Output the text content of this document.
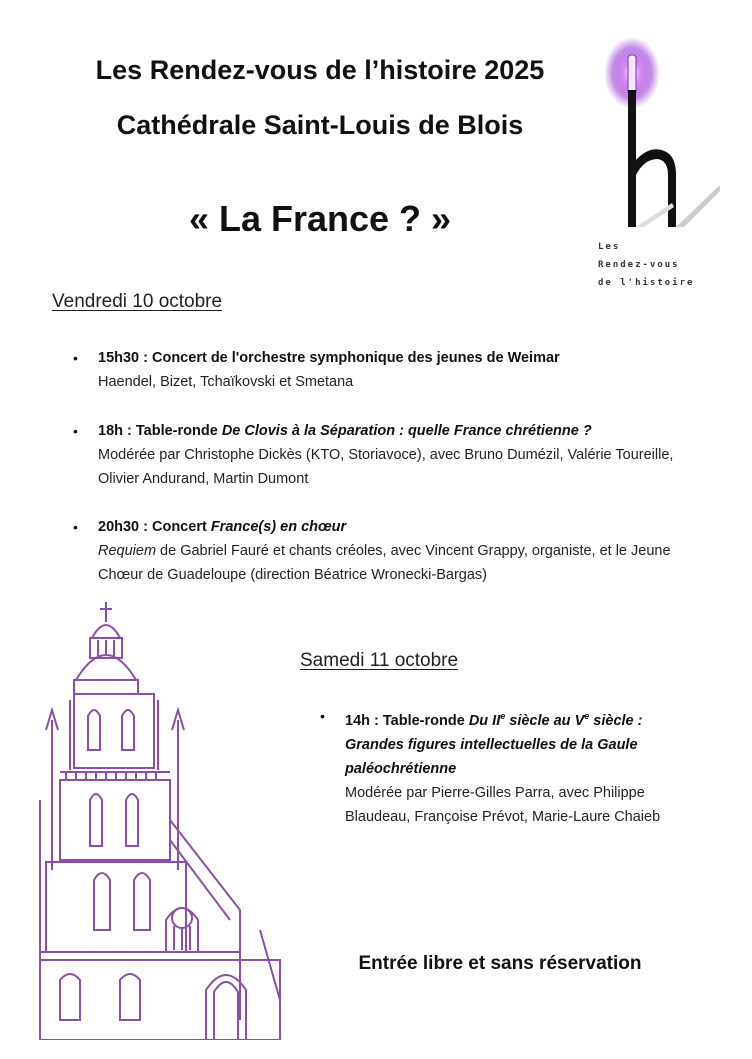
Les Rendez-vous de l’histoire 2025
Cathédrale Saint-Louis de Blois
« La France ? »
Les
Rendez-vous
de l'histoire
Vendredi 10 octobre
• 15h30 : Concert de l'orchestre symphonique des jeunes de Weimar
Haendel, Bizet, Tchaïkovski et Smetana
• 18h : Table-ronde De Clovis à la Séparation : quelle France chrétienne ?
Modérée par Christophe Dickès (KTO, Storiavoce), avec Bruno Dumézil, Valérie Toureille, Olivier Andurand, Martin Dumont
• 20h30 : Concert France(s) en chœur
Requiem de Gabriel Fauré et chants créoles, avec Vincent Grappy, organiste, et le Jeune Chœur de Guadeloupe (direction Béatrice Wronecki-Bargas)
Samedi 11 octobre
• 14h : Table-ronde Du IIe siècle au Ve siècle : Grandes figures intellectuelles de la Gaule paléochrétienne
Modérée par Pierre-Gilles Parra, avec Philippe Blaudeau, Françoise Prévot, Marie-Laure Chaieb
Entrée libre et sans réservation
